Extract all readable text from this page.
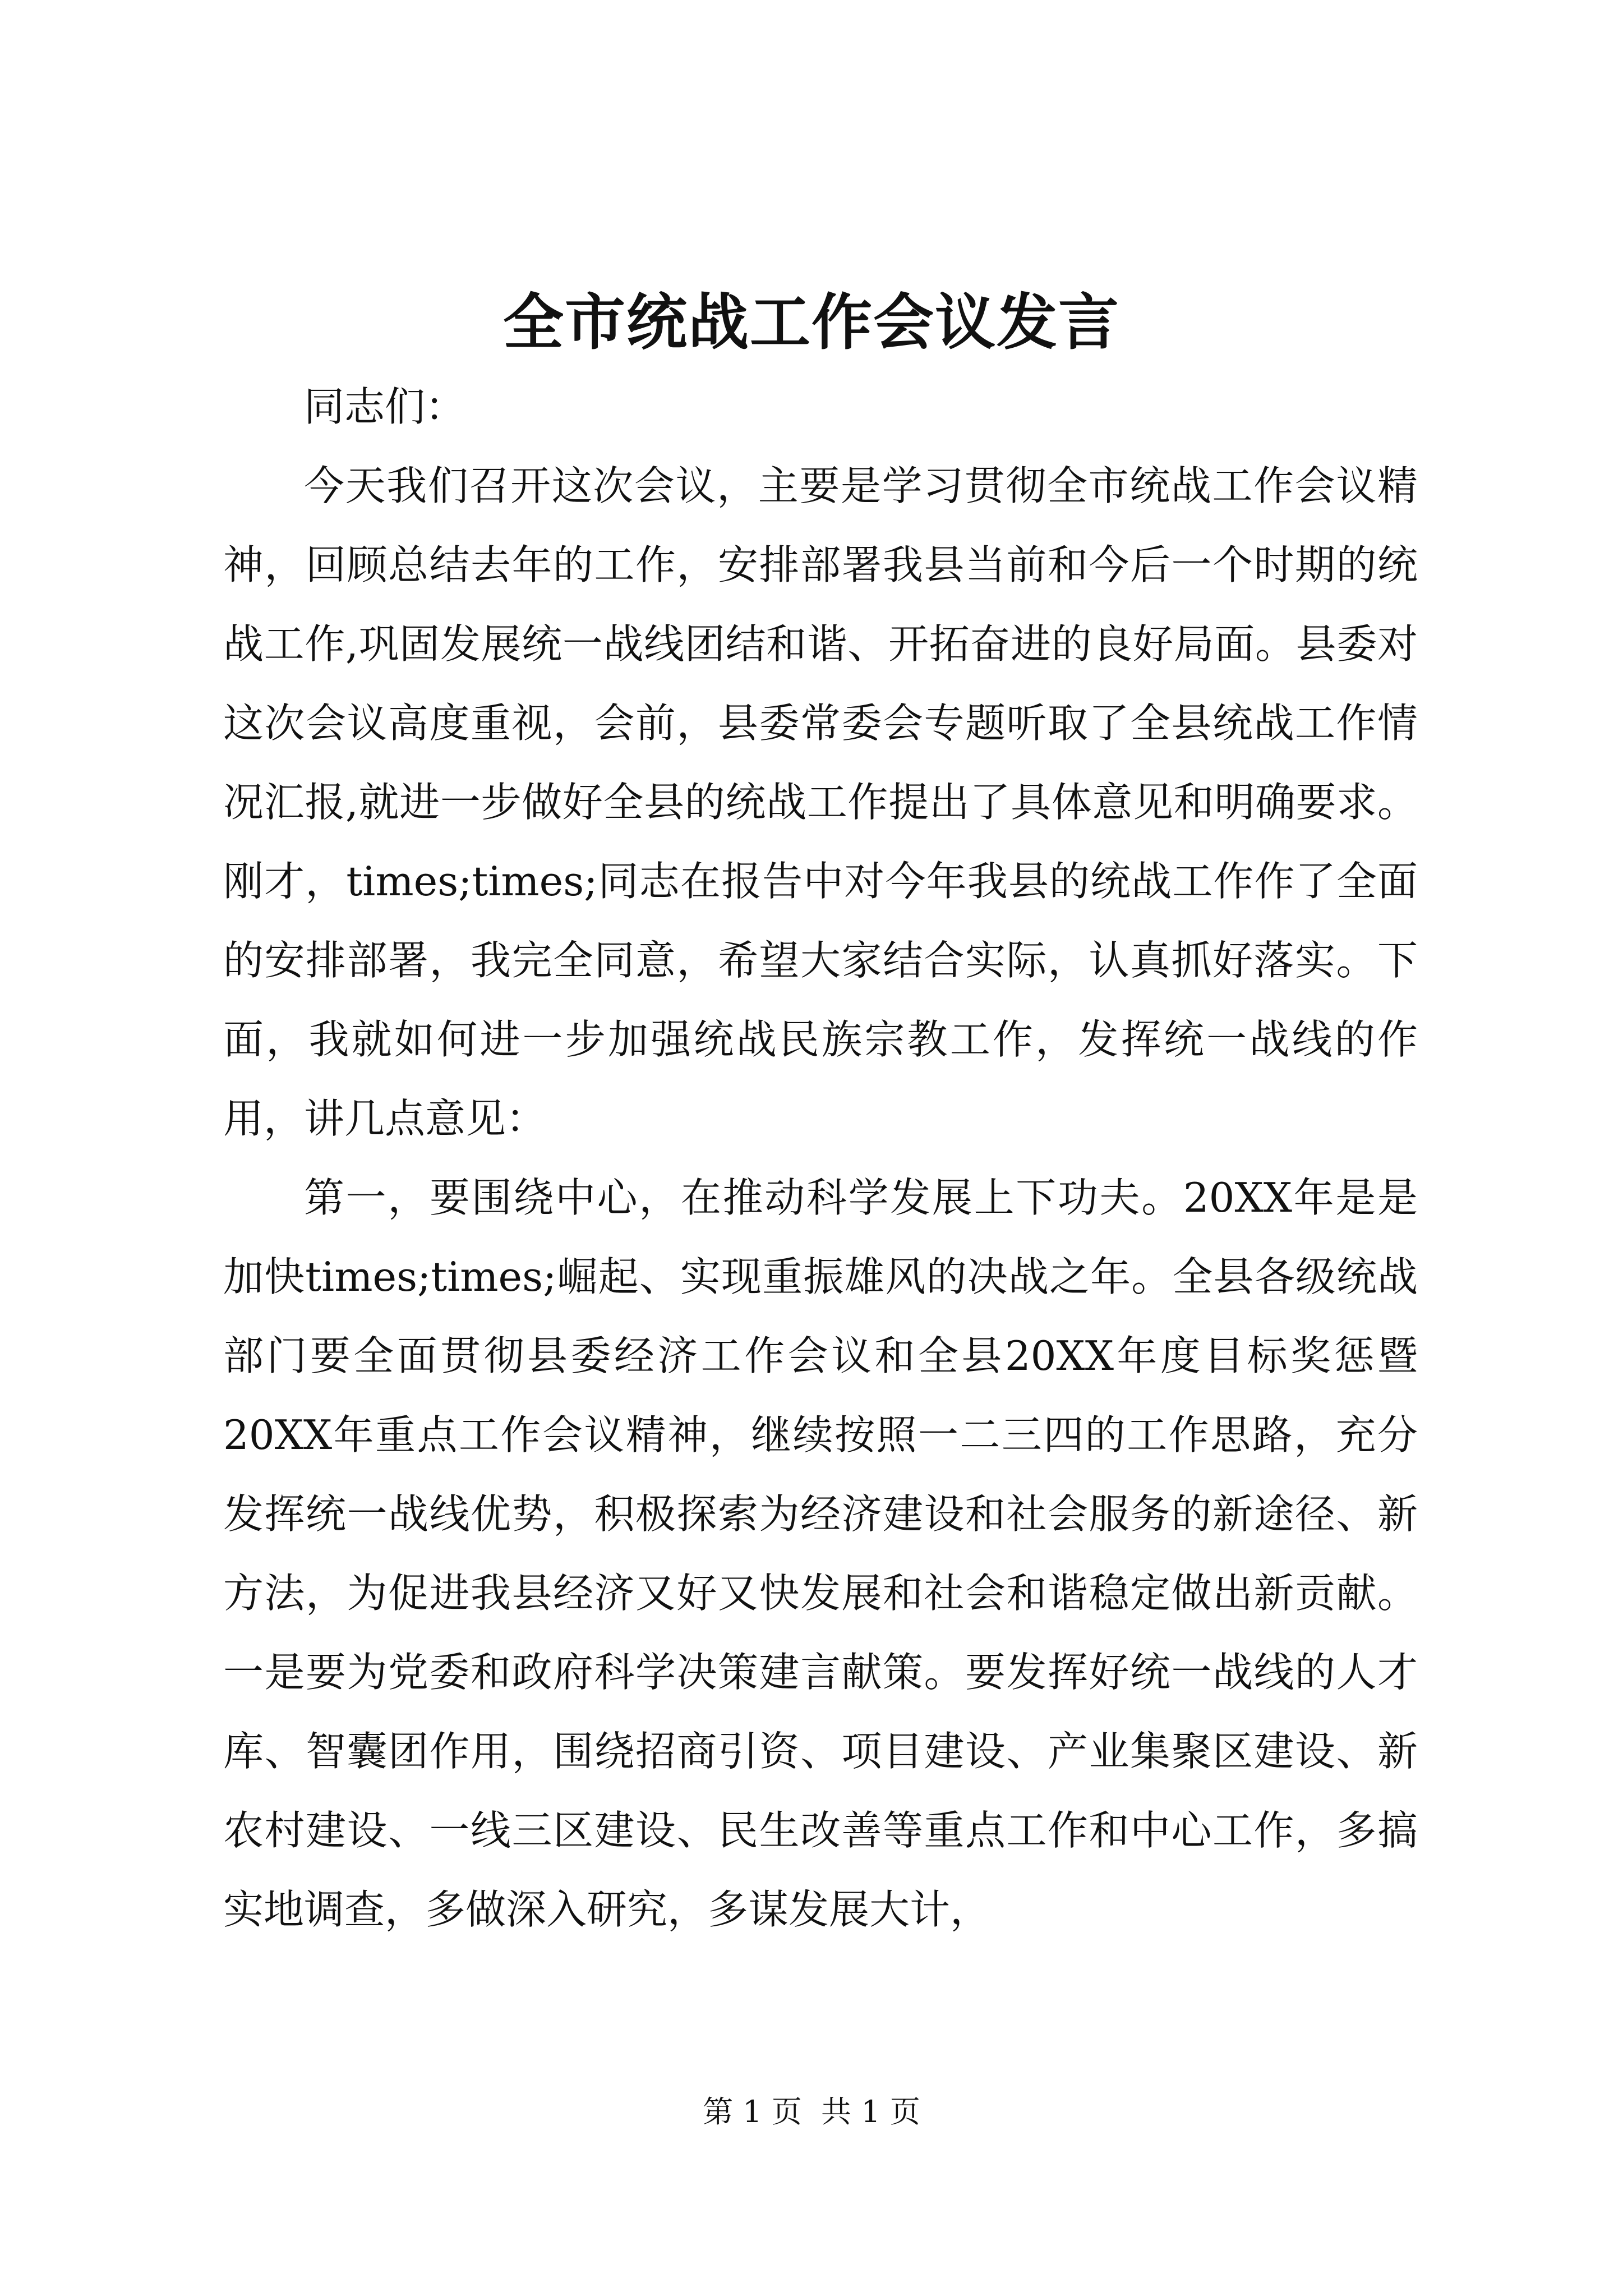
全市统战工作会议发言

同志们：

今天我们召开这次会议，主要是学习贯彻全市统战工作会议精神，回顾总结去年的工作，安排部署我县当前和今后一个时期的统战工作,巩固发展统一战线团结和谐、开拓奋进的良好局面。县委对这次会议高度重视，会前，县委常委会专题听取了全县统战工作情况汇报,就进一步做好全县的统战工作提出了具体意见和明确要求。刚才，times;times;同志在报告中对今年我县的统战工作作了全面的安排部署，我完全同意，希望大家结合实际，认真抓好落实。下面，我就如何进一步加强统战民族宗教工作，发挥统一战线的作用，讲几点意见：

第一，要围绕中心，在推动科学发展上下功夫。20XX年是是加快times;times;崛起、实现重振雄风的决战之年。全县各级统战部门要全面贯彻县委经济工作会议和全县20XX年度目标奖惩暨20XX年重点工作会议精神，继续按照一二三四的工作思路，充分发挥统一战线优势，积极探索为经济建设和社会服务的新途径、新方法，为促进我县经济又好又快发展和社会和谐稳定做出新贡献。一是要为党委和政府科学决策建言献策。要发挥好统一战线的人才库、智囊团作用，围绕招商引资、项目建设、产业集聚区建设、新农村建设、一线三区建设、民生改善等重点工作和中心工作，多搞实地调查，多做深入研究，多谋发展大计，

第 1 页  共 1 页
